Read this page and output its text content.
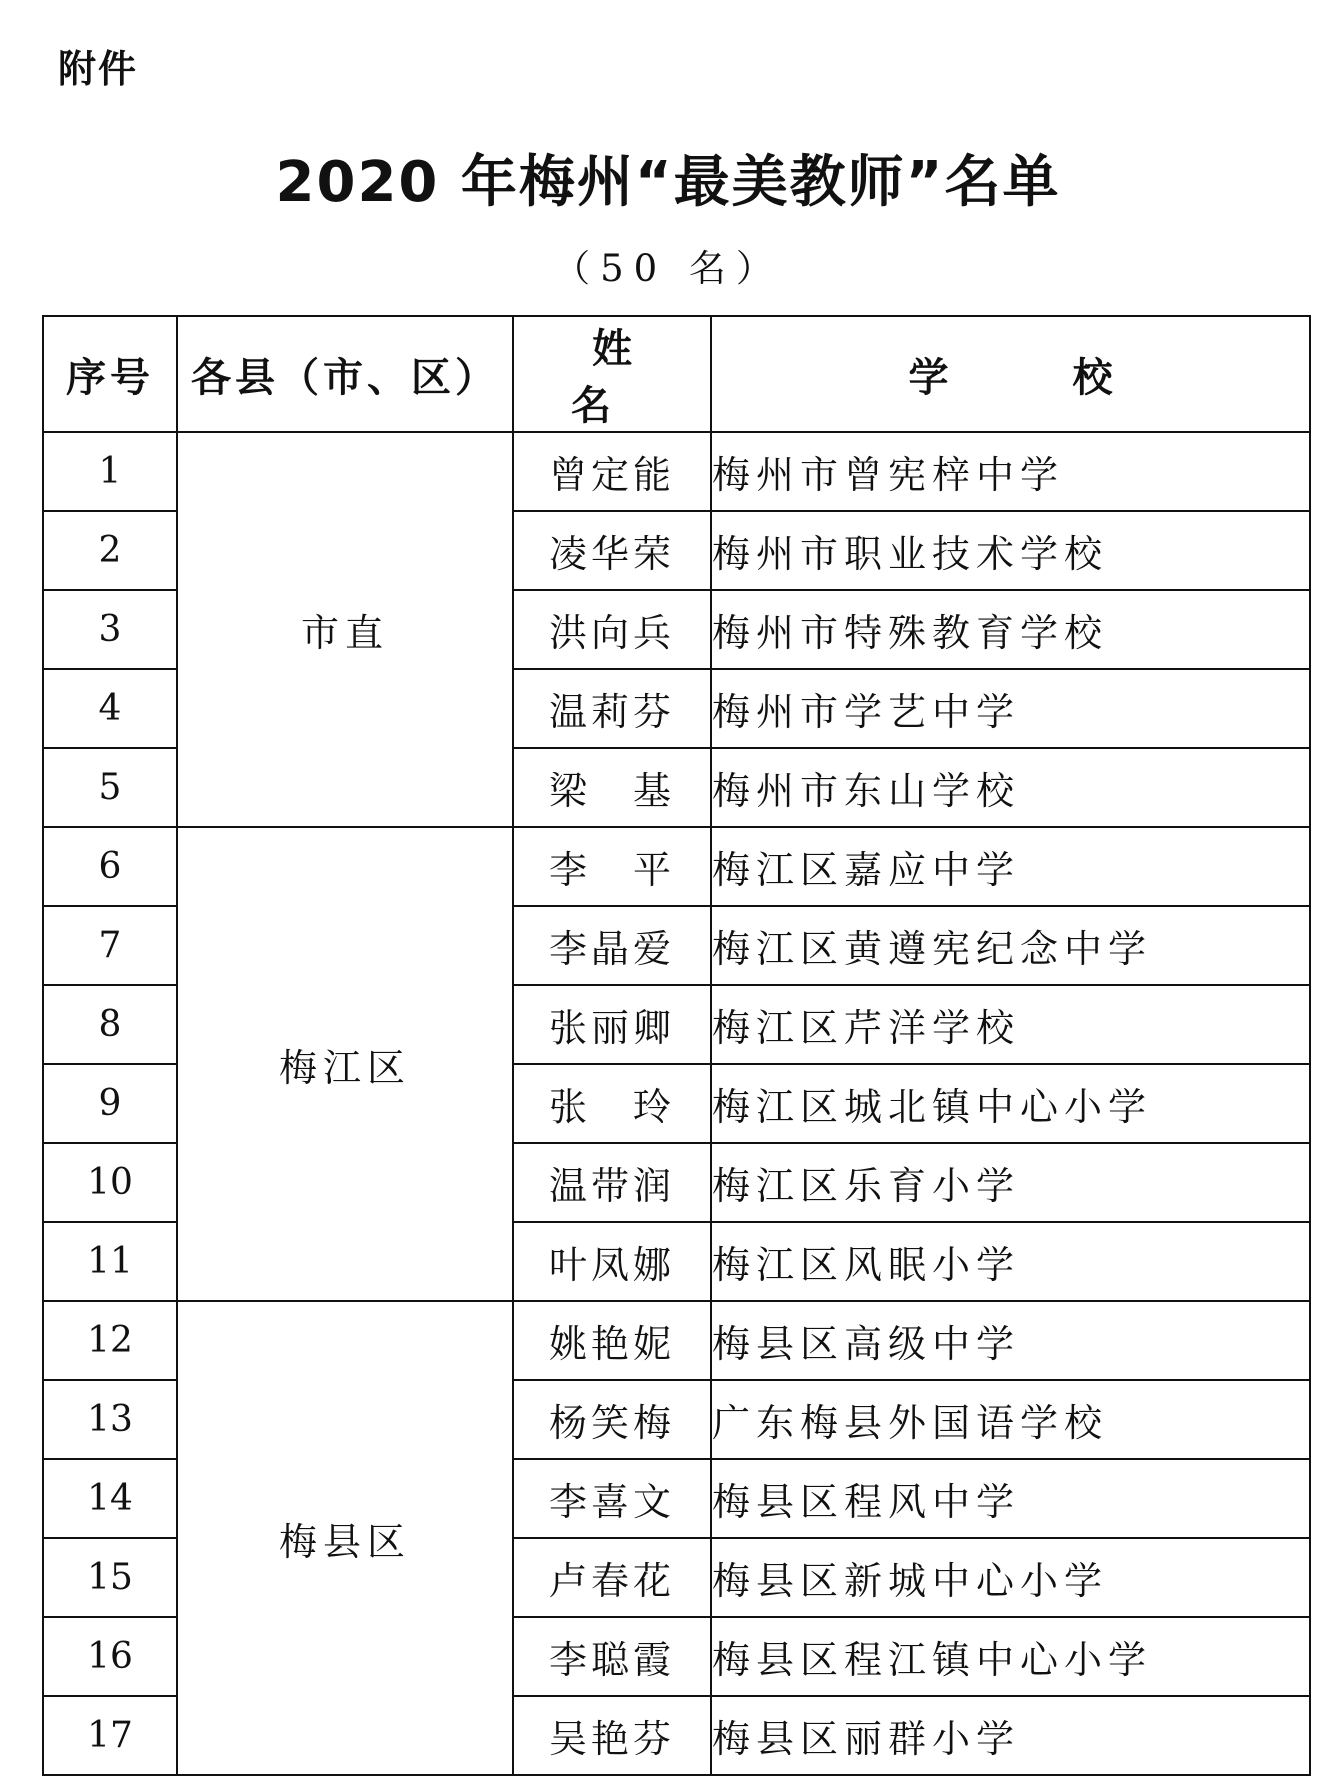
附件
2020 年梅州“最美教师”名单
（50 名）
序号	各县（市、区）	姓　名	学　校
1	市直	曾定能	梅州市曾宪梓中学
2		凌华荣	梅州市职业技术学校
3		洪向兵	梅州市特殊教育学校
4		温莉芬	梅州市学艺中学
5		梁　基	梅州市东山学校
6	梅江区	李　平	梅江区嘉应中学
7		李晶爱	梅江区黄遵宪纪念中学
8		张丽卿	梅江区芹洋学校
9		张　玲	梅江区城北镇中心小学
10		温带润	梅江区乐育小学
11		叶凤娜	梅江区风眠小学
12	梅县区	姚艳妮	梅县区高级中学
13		杨笑梅	广东梅县外国语学校
14		李喜文	梅县区程风中学
15		卢春花	梅县区新城中心小学
16		李聪霞	梅县区程江镇中心小学
17		吴艳芬	梅县区丽群小学
